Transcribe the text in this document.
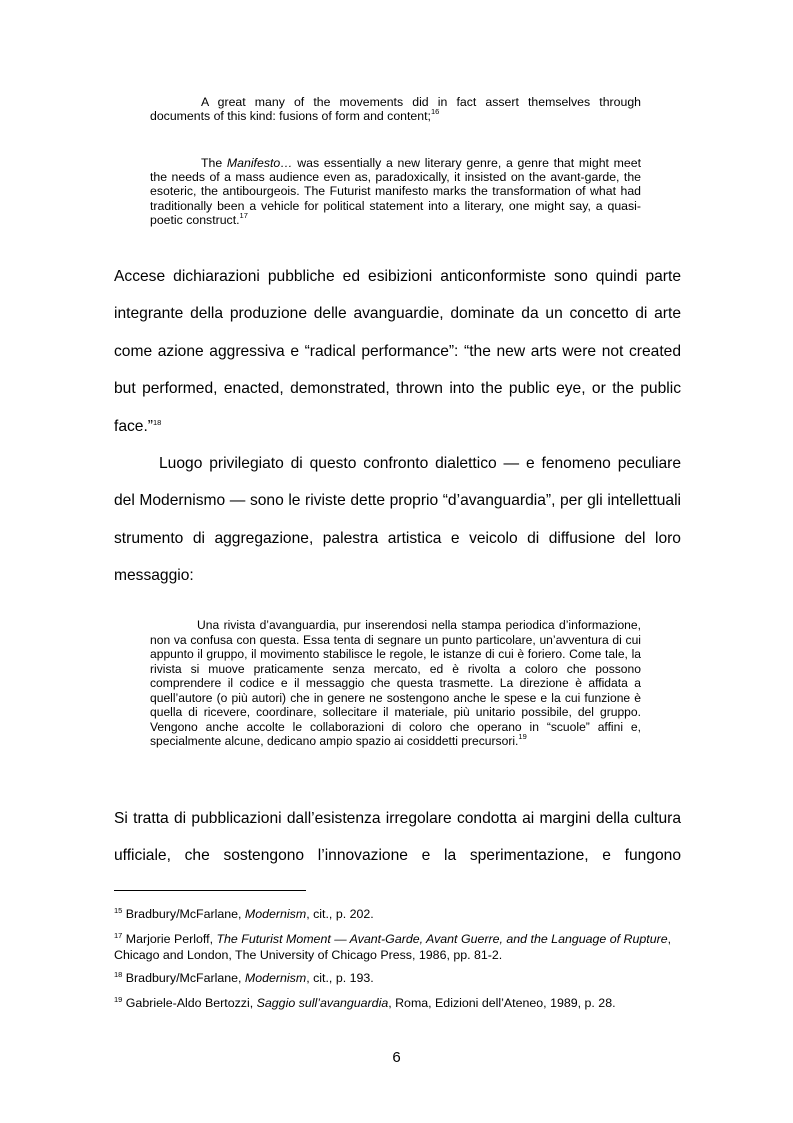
A great many of the movements did in fact assert themselves through documents of this kind: fusions of form and content;$^{16}$

The Manifesto… was essentially a new literary genre, a genre that might meet the needs of a mass audience even as, paradoxically, it insisted on the avant-garde, the esoteric, the antibourgeois. The Futurist manifesto marks the transformation of what had traditionally been a vehicle for political statement into a literary, one might say, a quasi-poetic construct.$^{17}$

Accese dichiarazioni pubbliche ed esibizioni anticonformiste sono quindi parte integrante della produzione delle avanguardie, dominate da un concetto di arte come azione aggressiva e “radical performance”: “the new arts were not created but performed, enacted, demonstrated, thrown into the public eye, or the public face.”$^{18}$

Luogo privilegiato di questo confronto dialettico — e fenomeno peculiare del Modernismo — sono le riviste dette proprio “d’avanguardia”, per gli intellettuali strumento di aggregazione, palestra artistica e veicolo di diffusione del loro messaggio:

Una rivista d’avanguardia, pur inserendosi nella stampa periodica d’informazione, non va confusa con questa. Essa tenta di segnare un punto particolare, un’avventura di cui appunto il gruppo, il movimento stabilisce le regole, le istanze di cui è foriero. Come tale, la rivista si muove praticamente senza mercato, ed è rivolta a coloro che possono comprendere il codice e il messaggio che questa trasmette. La direzione è affidata a quell’autore (o più autori) che in genere ne sostengono anche le spese e la cui funzione è quella di ricevere, coordinare, sollecitare il materiale, più unitario possibile, del gruppo. Vengono anche accolte le collaborazioni di coloro che operano in “scuole” affini e, specialmente alcune, dedicano ampio spazio ai cosiddetti precursori.$^{19}$

Si tratta di pubblicazioni dall’esistenza irregolare condotta ai margini della cultura ufficiale, che sostengono l’innovazione e la sperimentazione, e fungono

$^{15}$ Bradbury/McFarlane, Modernism, cit., p. 202.

$^{17}$ Marjorie Perloff, The Futurist Moment — Avant-Garde, Avant Guerre, and the Language of Rupture, Chicago and London, The University of Chicago Press, 1986, pp. 81-2.

$^{18}$ Bradbury/McFarlane, Modernism, cit., p. 193.

$^{19}$ Gabriele-Aldo Bertozzi, Saggio sull’avanguardia, Roma, Edizioni dell’Ateneo, 1989, p. 28.

6
